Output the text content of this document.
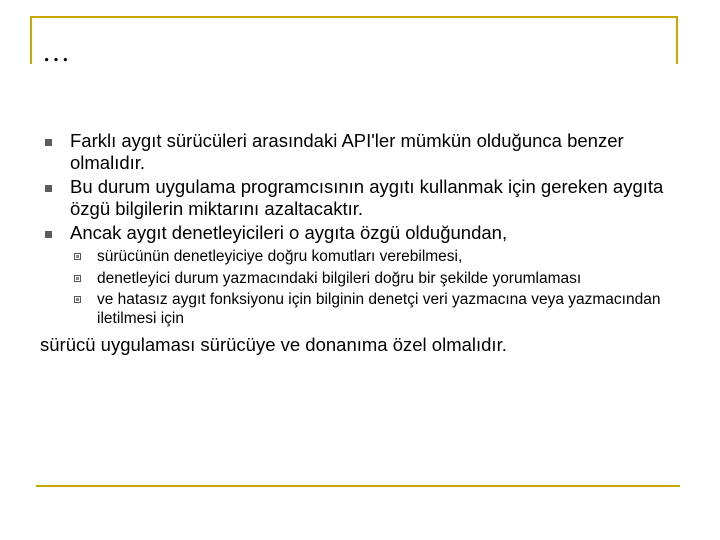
…
Farklı aygıt sürücüleri arasındaki API'ler mümkün olduğunca benzer olmalıdır.
Bu durum uygulama programcısının aygıtı kullanmak için gereken aygıta özgü bilgilerin miktarını azaltacaktır.
Ancak aygıt denetleyicileri o aygıta özgü olduğundan,
sürücünün denetleyiciye doğru komutları verebilmesi,
denetleyici durum yazmacındaki bilgileri doğru bir şekilde yorumlaması
ve hatasız aygıt fonksiyonu için bilginin denetçi veri yazmacına veya yazmacından iletilmesi için
sürücü uygulaması sürücüye ve donanıma özel olmalıdır.
